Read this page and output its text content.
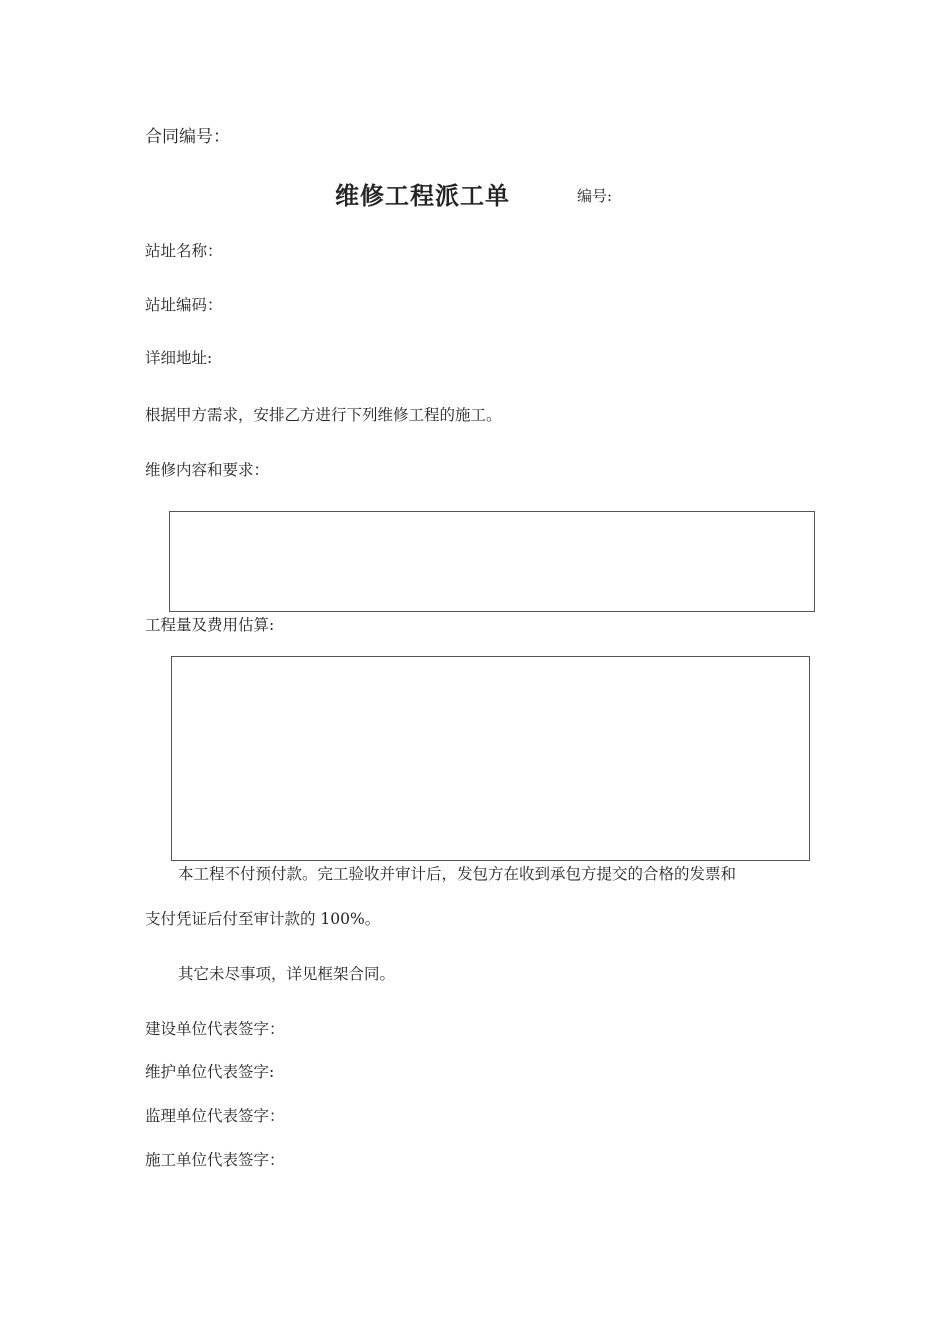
合同编号：
维修工程派工单	编号:
站址名称：
站址编码：
详细地址:
根据甲方需求，安排乙方进行下列维修工程的施工。
维修内容和要求：
工程量及费用估算:
本工程不付预付款。完工验收并审计后，发包方在收到承包方提交的合格的发票和
支付凭证后付至审计款的 100%。
其它未尽事项，详见框架合同。
建设单位代表签字：
维护单位代表签字:
监理单位代表签字：
施工单位代表签字：
